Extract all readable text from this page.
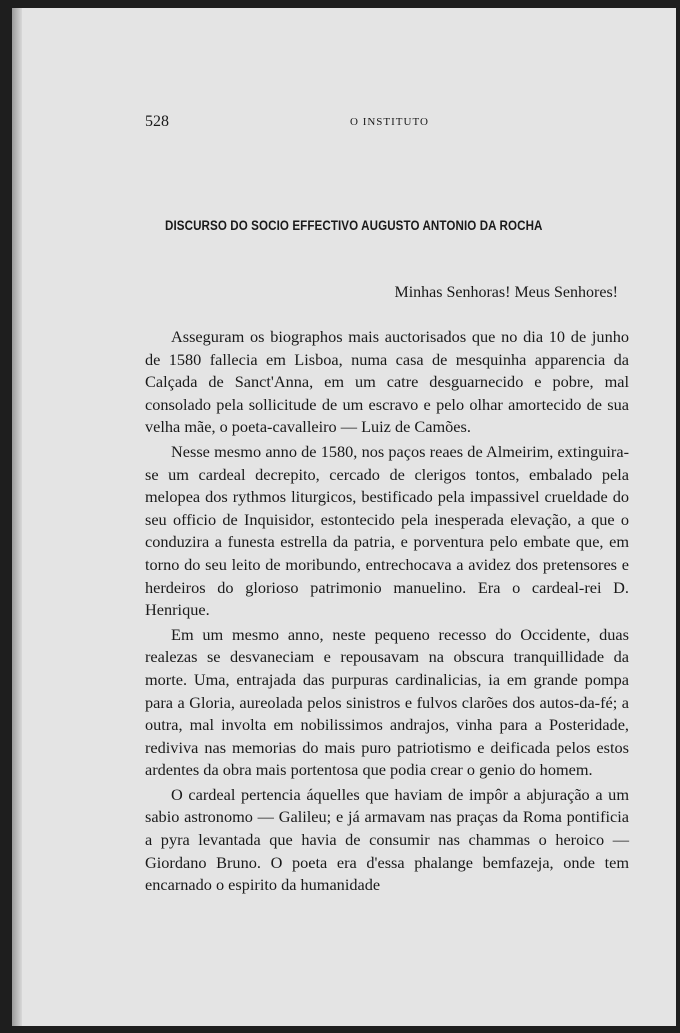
528	O INSTITUTO
DISCURSO DO SOCIO EFFECTIVO AUGUSTO ANTONIO DA ROCHA
Minhas Senhoras! Meus Senhores!

Asseguram os biographos mais auctorisados que no dia 10 de junho de 1580 fallecia em Lisboa, numa casa de mesquinha apparencia da Calçada de Sanct'Anna, em um catre desguarnecido e pobre, mal consolado pela sollicitude de um escravo e pelo olhar amortecido de sua velha mãe, o poeta-cavalleiro — Luiz de Camões.

Nesse mesmo anno de 1580, nos paços reaes de Almeirim, extinguira-se um cardeal decrepito, cercado de clerigos tontos, embalado pela melopea dos rythmos liturgicos, bestificado pela impassivel crueldade do seu officio de Inquisidor, estontecido pela inesperada elevação, a que o conduzira a funesta estrella da patria, e porventura pelo embate que, em torno do seu leito de moribundo, entrechocava a avidez dos pretensores e herdeiros do glorioso patrimonio manuelino. Era o cardeal-rei D. Henrique.

Em um mesmo anno, neste pequeno recesso do Occidente, duas realezas se desvaneciam e repousavam na obscura tranquillidade da morte. Uma, entrajada das purpuras cardinalicias, ia em grande pompa para a Gloria, aureolada pelos sinistros e fulvos clarões dos autos-da-fé; a outra, mal involta em nobilissimos andrajos, vinha para a Posteridade, rediviva nas memorias do mais puro patriotismo e deificada pelos estos ardentes da obra mais portentosa que podia crear o genio do homem.

O cardeal pertencia áquelles que haviam de impôr a abjuração a um sabio astronomo — Galileu; e já armavam nas praças da Roma pontificia a pyra levantada que havia de consumir nas chammas o heroico — Giordano Bruno. O poeta era d'essa phalange bemfazeja, onde tem encarnado o espirito da humanidade
